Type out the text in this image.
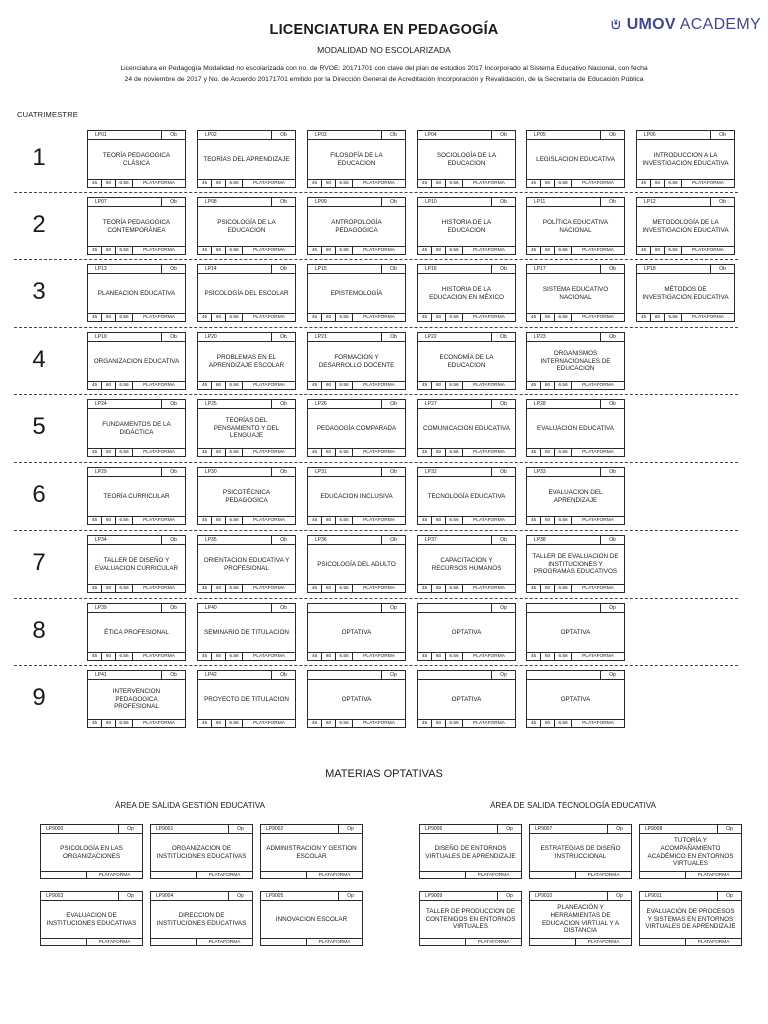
LICENCIATURA EN PEDAGOGÍA
MODALIDAD NO ESCOLARIZADA
Licenciatura en Pedagogía Modalidad no escolarizada con no. de RVOE: 20171701 con clave del plan de estudios 2017 Incorporado al Sistema Educativo Nacional, con fecha
24 de noviembre de 2017 y No. de Acuerdo 20171701 emitido por la Dirección General de Acreditación Incorporación y Revalidación, de la Secretaría de Educación Pública
UMOV ACADEMY
CUATRIMESTRE
1
LP01	Ob
TEORÍA PEDAGOGICA CLÁSICA
45	60	6.56	PLATAFORMA
LP02	Ob
TEORÍAS DEL APRENDIZAJE
45	60	6.56	PLATAFORMA
LP03	Ob
FILOSOFÍA DE LA EDUCACION
45	60	6.56	PLATAFORMA
LP04	Ob
SOCIOLOGÍA DE LA EDUCACION
45	60	6.56	PLATAFORMA
LP05	Ob
LEGISLACION EDUCATIVA
45	60	6.56	PLATAFORMA
LP06	Ob
INTRODUCCION A LA INVESTIGACION EDUCATIVA
45	60	6.56	PLATAFORMA
2
LP07	Ob
TEORÍA PEDAGOGICA CONTEMPORÁNEA
45	60	6.56	PLATAFORMA
LP08	Ob
PSICOLOGÍA DE LA EDUCACION
45	60	6.56	PLATAFORMA
LP09	Ob
ANTROPOLOGÍA PEDAGOGICA
45	60	6.56	PLATAFORMA
LP10	Ob
HISTORIA DE LA EDUCACION
45	60	6.56	PLATAFORMA
LP11	Ob
POLÍTICA EDUCATIVA NACIONAL
45	60	6.56	PLATAFORMA
LP12	Ob
METODOLOGÍA DE LA INVESTIGACION EDUCATIVA
45	60	6.56	PLATAFORMA
3
LP13	Ob
PLANEACION EDUCATIVA
45	60	6.56	PLATAFORMA
LP14	Ob
PSICOLOGÍA DEL ESCOLAR
45	60	6.56	PLATAFORMA
LP15	Ob
EPISTEMOLOGÍA
45	60	6.56	PLATAFORMA
LP16	Ob
HISTORIA DE LA EDUCACION EN MÉXICO
45	60	6.56	PLATAFORMA
LP17	Ob
SISTEMA EDUCATIVO NACIONAL
45	60	6.56	PLATAFORMA
LP18	Ob
MÉTODOS DE INVESTIGACION EDUCATIVA
45	60	6.56	PLATAFORMA
4
LP19	Ob
ORGANIZACION EDUCATIVA
45	60	6.56	PLATAFORMA
LP20	Ob
PROBLEMAS EN EL APRENDIZAJE ESCOLAR
45	60	6.56	PLATAFORMA
LP21	Ob
FORMACION Y DESARROLLO DOCENTE
45	60	6.56	PLATAFORMA
LP22	Ob
ECONOMÍA DE LA EDUCACION
45	60	6.56	PLATAFORMA
LP23	Ob
ORGANISMOS INTERNACIONALES DE EDUCACION
45	60	6.56	PLATAFORMA
5
LP24	Ob
FUNDAMENTOS DE LA DIDÁCTICA
45	60	6.56	PLATAFORMA
LP25	Ob
TEORÍAS DEL PENSAMIENTO Y DEL LENGUAJE
45	60	6.56	PLATAFORMA
LP26	Ob
PEDAGOGÍA COMPARADA
45	60	6.56	PLATAFORMA
LP27	Ob
COMUNICACION EDUCATIVA
45	60	6.56	PLATAFORMA
LP28	Ob
EVALUACION EDUCATIVA
45	60	6.56	PLATAFORMA
6
LP29	Ob
TEORÍA CURRICULAR
45	60	6.56	PLATAFORMA
LP30	Ob
PSICOTÉCNICA PEDAGOGICA
45	60	6.56	PLATAFORMA
LP31	Ob
EDUCACION INCLUSIVA
45	60	6.56	PLATAFORMA
LP32	Ob
TECNOLOGÍA EDUCATIVA
45	60	6.56	PLATAFORMA
LP33	Ob
EVALUACION DEL APRENDIZAJE
45	60	6.56	PLATAFORMA
7
LP34	Ob
TALLER DE DISEÑO Y EVALUACION CURRICULAR
45	60	6.56	PLATAFORMA
LP35	Ob
ORIENTACION EDUCATIVA Y PROFESIONAL
45	60	6.56	PLATAFORMA
LP36	Ob
PSICOLOGÍA DEL ADULTO
45	60	6.56	PLATAFORMA
LP37	Ob
CAPACITACION Y RECURSOS HUMANOS
45	60	6.56	PLATAFORMA
LP38	Ob
TALLER DE EVALUACION DE INSTITUCIONES Y PROGRAMAS EDUCATIVOS
45	60	6.56	PLATAFORMA
8
LP39	Ob
ÉTICA PROFESIONAL
45	60	6.56	PLATAFORMA
LP40	Ob
SEMINARIO DE TITULACION
45	60	6.56	PLATAFORMA
Op
OPTATIVA
45	60	6.56	PLATAFORMA
Op
OPTATIVA
45	60	6.56	PLATAFORMA
Op
OPTATIVA
45	60	6.56	PLATAFORMA
9
LP41	Ob
INTERVENCION PEDAGOGICA PROFESIONAL
45	60	6.56	PLATAFORMA
LP42	Ob
PROYECTO DE TITULACION
45	60	6.56	PLATAFORMA
Op
OPTATIVA
45	60	6.56	PLATAFORMA
Op
OPTATIVA
45	60	6.56	PLATAFORMA
Op
OPTATIVA
45	60	6.56	PLATAFORMA
MATERIAS OPTATIVAS
ÁREA DE SALIDA GESTIÓN EDUCATIVA
LP9000	Op
PSICOLOGÍA EN LAS ORGANIZACIONES
PLATAFORMA
LP9001	Op
ORGANIZACION DE INSTITUCIONES EDUCATIVAS
PLATAFORMA
LP9002	Op
ADMINISTRACION Y GESTION ESCOLAR
PLATAFORMA
LP9003	Op
EVALUACION DE INSTITUCIONES EDUCATIVAS
PLATAFORMA
LP9004	Op
DIRECCION DE INSTITUCIONES EDUCATIVAS
PLATAFORMA
LP9005	Op
INNOVACION ESCOLAR
PLATAFORMA
ÁREA DE SALIDA TECNOLOGÍA EDUCATIVA
LP9006	Op
DISEÑO DE ENTORNOS VIRTUALES DE APRENDIZAJE
PLATAFORMA
LP9007	Op
ESTRATEGIAS DE DISEÑO INSTRUCCIONAL
PLATAFORMA
LP9008	Op
TUTORÍA Y ACOMPAÑAMIENTO ACADÉMICO EN ENTORNOS VIRTUALES
PLATAFORMA
LP9009	Op
TALLER DE PRODUCCION DE CONTENIDOS EN ENTORNOS VIRTUALES
PLATAFORMA
LP9010	Op
PLANEACIÓN Y HERRAMIENTAS DE EDUCACION VIRTUAL Y A DISTANCIA
PLATAFORMA
LP9011	Op
EVALUACIÓN DE PROCESOS Y SISTEMAS EN ENTORNOS VIRTUALES DE APRENDIZAJE
PLATAFORMA
